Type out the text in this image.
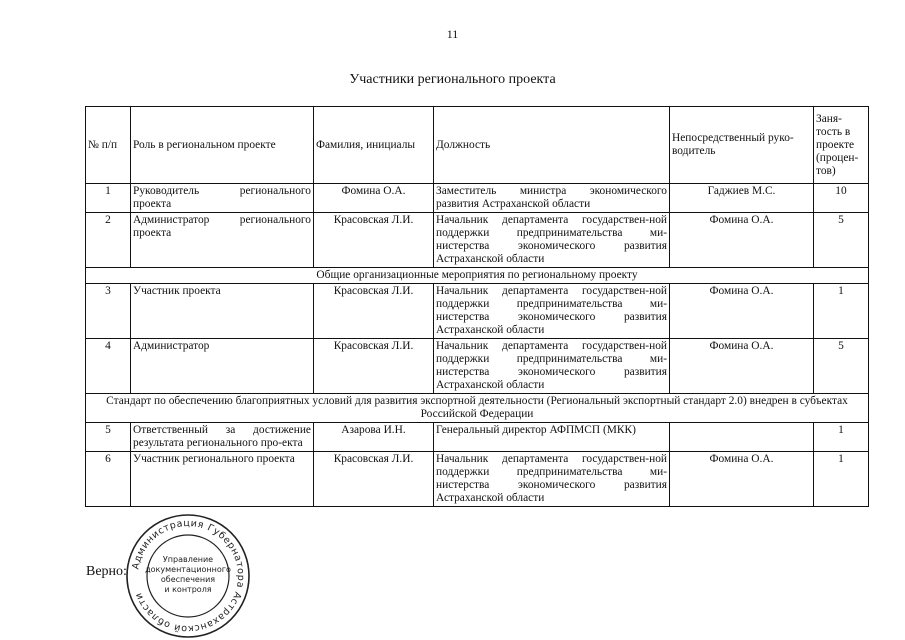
11
Участники регионального проекта
№ п/п	Роль в региональном проекте	Фамилия, инициалы	Должность	Непосредственный руко-водитель	Заня-тость в проекте (процен-тов)
1	Руководитель регионального проекта	Фомина О.А.	Заместитель министра экономического развития Астраханской области	Гаджиев М.С.	10
2	Администратор регионального проекта	Красовская Л.И.	Начальник департамента государствен-ной поддержки предпринимательства ми-нистерства экономического развития Астраханской области	Фомина О.А.	5
Общие организационные мероприятия по региональному проекту					
3	Участник проекта	Красовская Л.И.	Начальник департамента государствен-ной поддержки предпринимательства ми-нистерства экономического развития Астраханской области	Фомина О.А.	1
4	Администратор	Красовская Л.И.	Начальник департамента государствен-ной поддержки предпринимательства ми-нистерства экономического развития Астраханской области	Фомина О.А.	5
Стандарт по обеспечению благоприятных условий для развития экспортной деятельности (Региональный экспортный стандарт 2.0) внедрен в субъектах Российской Федерации					
5	Ответственный за достижение результата регионального про-екта	Азарова И.Н.	Генеральный директор АФПМСП (МКК)		1
6	Участник регионального проекта	Красовская Л.И.	Начальник департамента государствен-ной поддержки предпринимательства ми-нистерства экономического развития Астраханской области	Фомина О.А.	1
Верно: Администрация Губернатора Астраханской области
Управление
документационного
обеспечения
и контроля
